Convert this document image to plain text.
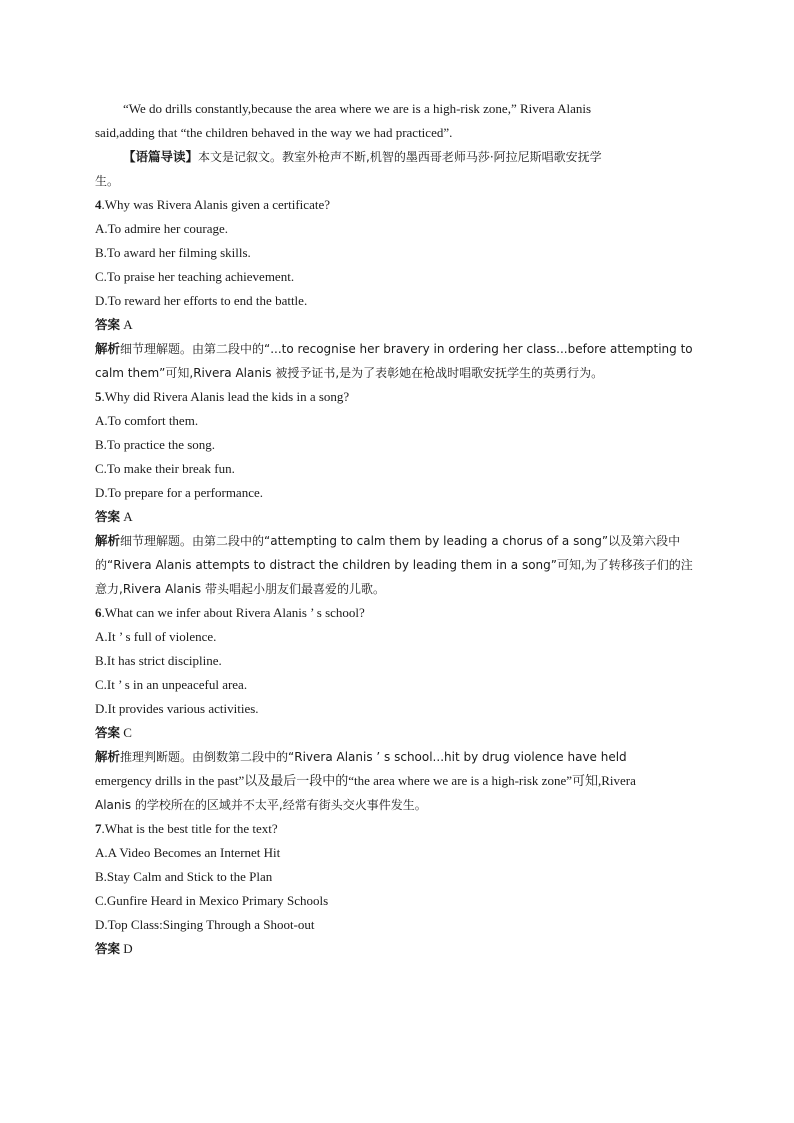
“We do drills constantly,because the area where we are is a high-risk zone,” Rivera Alanis
said,adding that “the children behaved in the way we had practiced”.
【语篇导读】本文是记叙文。教室外枪声不断,机智的墨西哥老师马莎·阿拉尼斯唱歌安抚学
生。
4.Why was Rivera Alanis given a certificate?
A.To admire her courage.
B.To award her filming skills.
C.To praise her teaching achievement.
D.To reward her efforts to end the battle.
答案 A
解析细节理解题。由第二段中的“...to recognise her bravery in ordering her class...before attempting to
calm them”可知,Rivera Alanis 被授予证书,是为了表彰她在枪战时唱歌安抚学生的英勇行为。
5.Why did Rivera Alanis lead the kids in a song?
A.To comfort them.
B.To practice the song.
C.To make their break fun.
D.To prepare for a performance.
答案 A
解析细节理解题。由第二段中的“attempting to calm them by leading a chorus of a song”以及第六段中
的“Rivera Alanis attempts to distract the children by leading them in a song”可知,为了转移孩子们的注
意力,Rivera Alanis 带头唱起小朋友们最喜爱的儿歌。
6.What can we infer about Rivera Alanis ’ s school?
A.It ’ s full of violence.
B.It has strict discipline.
C.It ’ s in an unpeaceful area.
D.It provides various activities.
答案 C
解析推理判断题。由倒数第二段中的“Rivera Alanis ’ s school...hit by drug violence have held
emergency drills in the past”以及最后一段中的“the area where we are is a high-risk zone”可知,Rivera
Alanis 的学校所在的区域并不太平,经常有街头交火事件发生。
7.What is the best title for the text?
A.A Video Becomes an Internet Hit
B.Stay Calm and Stick to the Plan
C.Gunfire Heard in Mexico Primary Schools
D.Top Class:Singing Through a Shoot-out
答案 D
